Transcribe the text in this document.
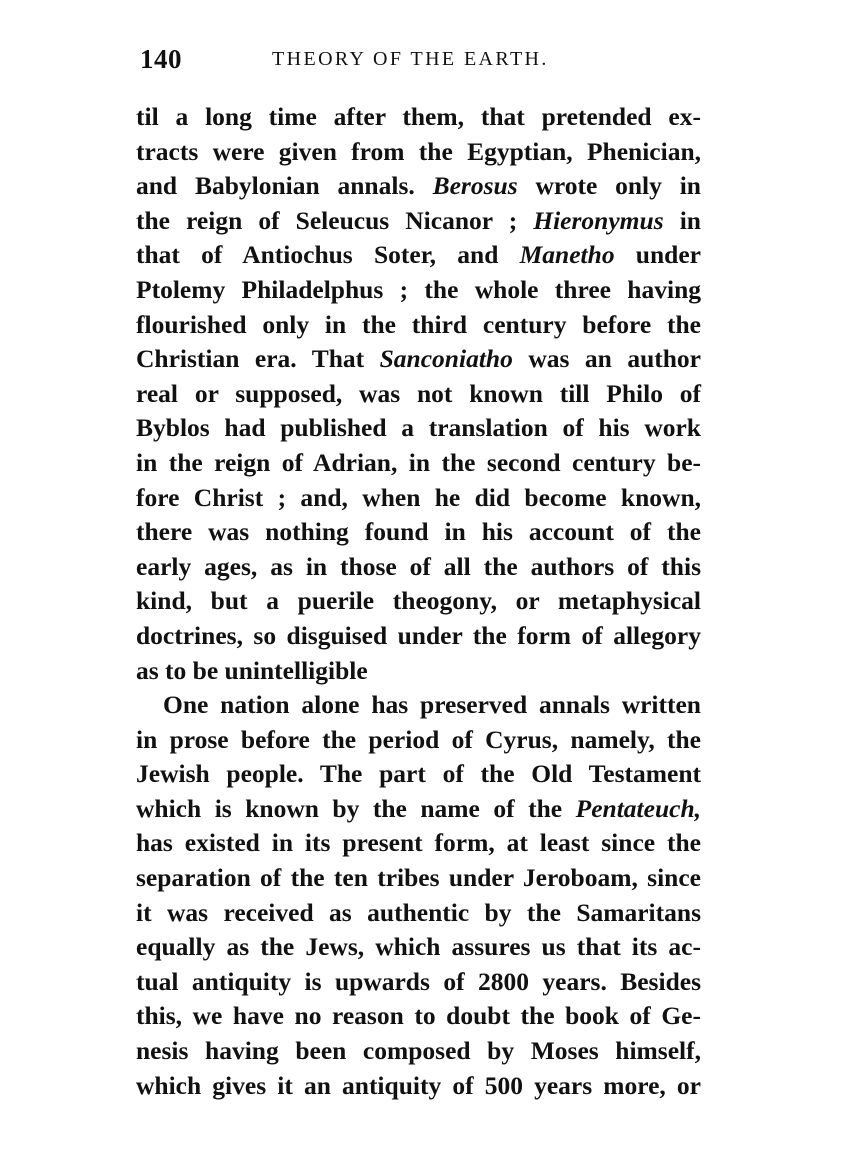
140	THEORY OF THE EARTH.
til a long time after them, that pretended ex-
tracts were given from the Egyptian, Phenician,
and Babylonian annals. Berosus wrote only in
the reign of Seleucus Nicanor ; Hieronymus in
that of Antiochus Soter, and Manetho under
Ptolemy Philadelphus ; the whole three having
flourished only in the third century before the
Christian era. That Sanconiatho was an author
real or supposed, was not known till Philo of
Byblos had published a translation of his work
in the reign of Adrian, in the second century be-
fore Christ ; and, when he did become known,
there was nothing found in his account of the
early ages, as in those of all the authors of this
kind, but a puerile theogony, or metaphysical
doctrines, so disguised under the form of allegory
as to be unintelligible
One nation alone has preserved annals written
in prose before the period of Cyrus, namely, the
Jewish people. The part of the Old Testament
which is known by the name of the Pentateuch,
has existed in its present form, at least since the
separation of the ten tribes under Jeroboam, since
it was received as authentic by the Samaritans
equally as the Jews, which assures us that its ac-
tual antiquity is upwards of 2800 years. Besides
this, we have no reason to doubt the book of Ge-
nesis having been composed by Moses himself,
which gives it an antiquity of 500 years more, or
